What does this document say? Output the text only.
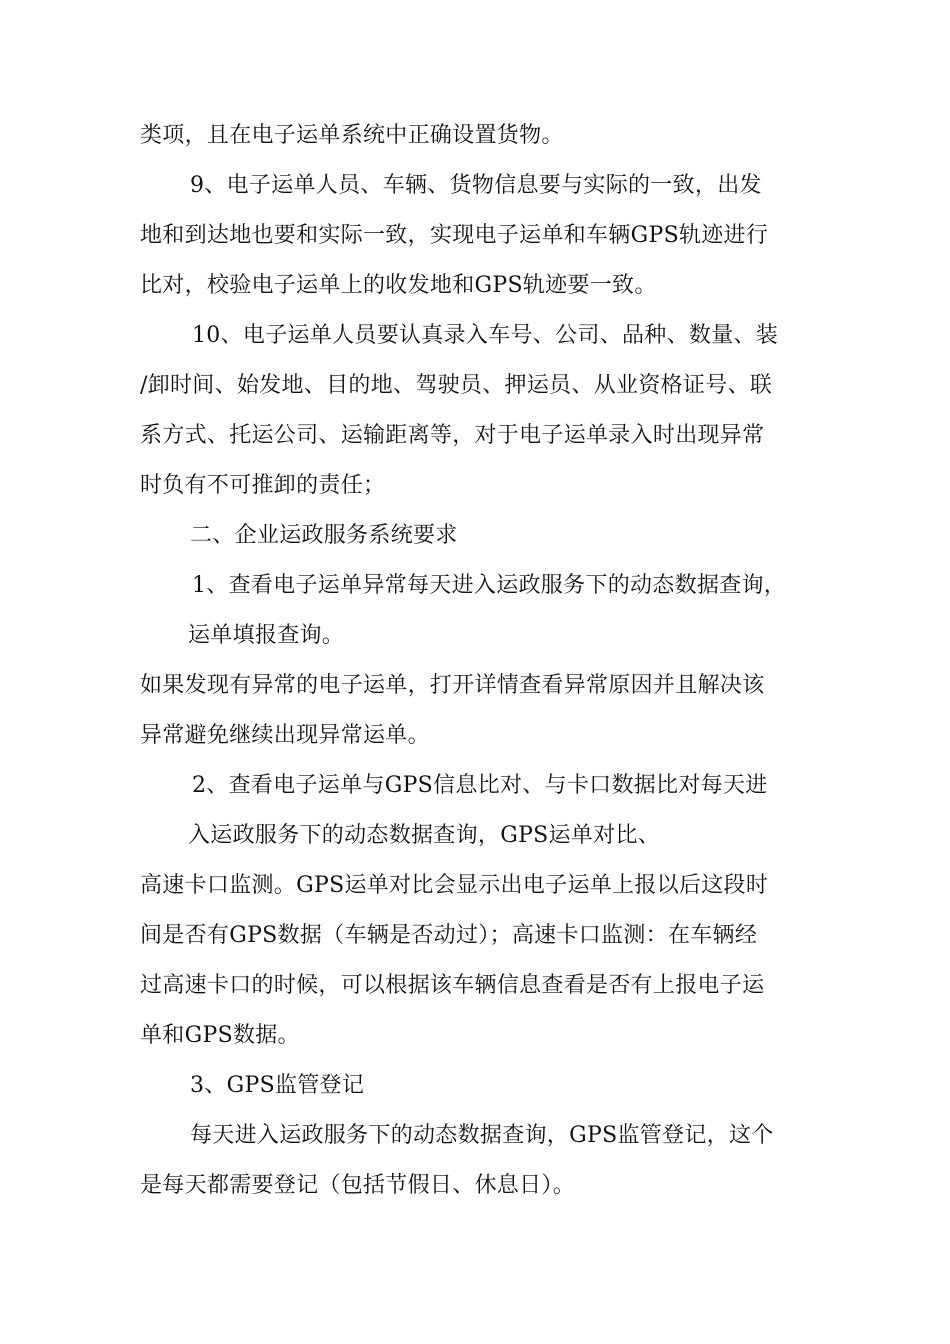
类项，且在电子运单系统中正确设置货物。
9、电子运单人员、车辆、货物信息要与实际的一致，出发
地和到达地也要和实际一致，实现电子运单和车辆GPS轨迹进行
比对，校验电子运单上的收发地和GPS轨迹要一致。
10、电子运单人员要认真录入车号、公司、品种、数量、装
/卸时间、始发地、目的地、驾驶员、押运员、从业资格证号、联
系方式、托运公司、运输距离等，对于电子运单录入时出现异常
时负有不可推卸的责任；
二、企业运政服务系统要求
1、查看电子运单异常每天进入运政服务下的动态数据查询，
运单填报查询。
如果发现有异常的电子运单，打开详情查看异常原因并且解决该
异常避免继续出现异常运单。
2、查看电子运单与GPS信息比对、与卡口数据比对每天进
入运政服务下的动态数据查询，GPS运单对比、
高速卡口监测。GPS运单对比会显示出电子运单上报以后这段时
间是否有GPS数据（车辆是否动过）；高速卡口监测：在车辆经
过高速卡口的时候，可以根据该车辆信息查看是否有上报电子运
单和GPS数据。
3、GPS监管登记
每天进入运政服务下的动态数据查询，GPS监管登记，这个
是每天都需要登记（包括节假日、休息日）。
